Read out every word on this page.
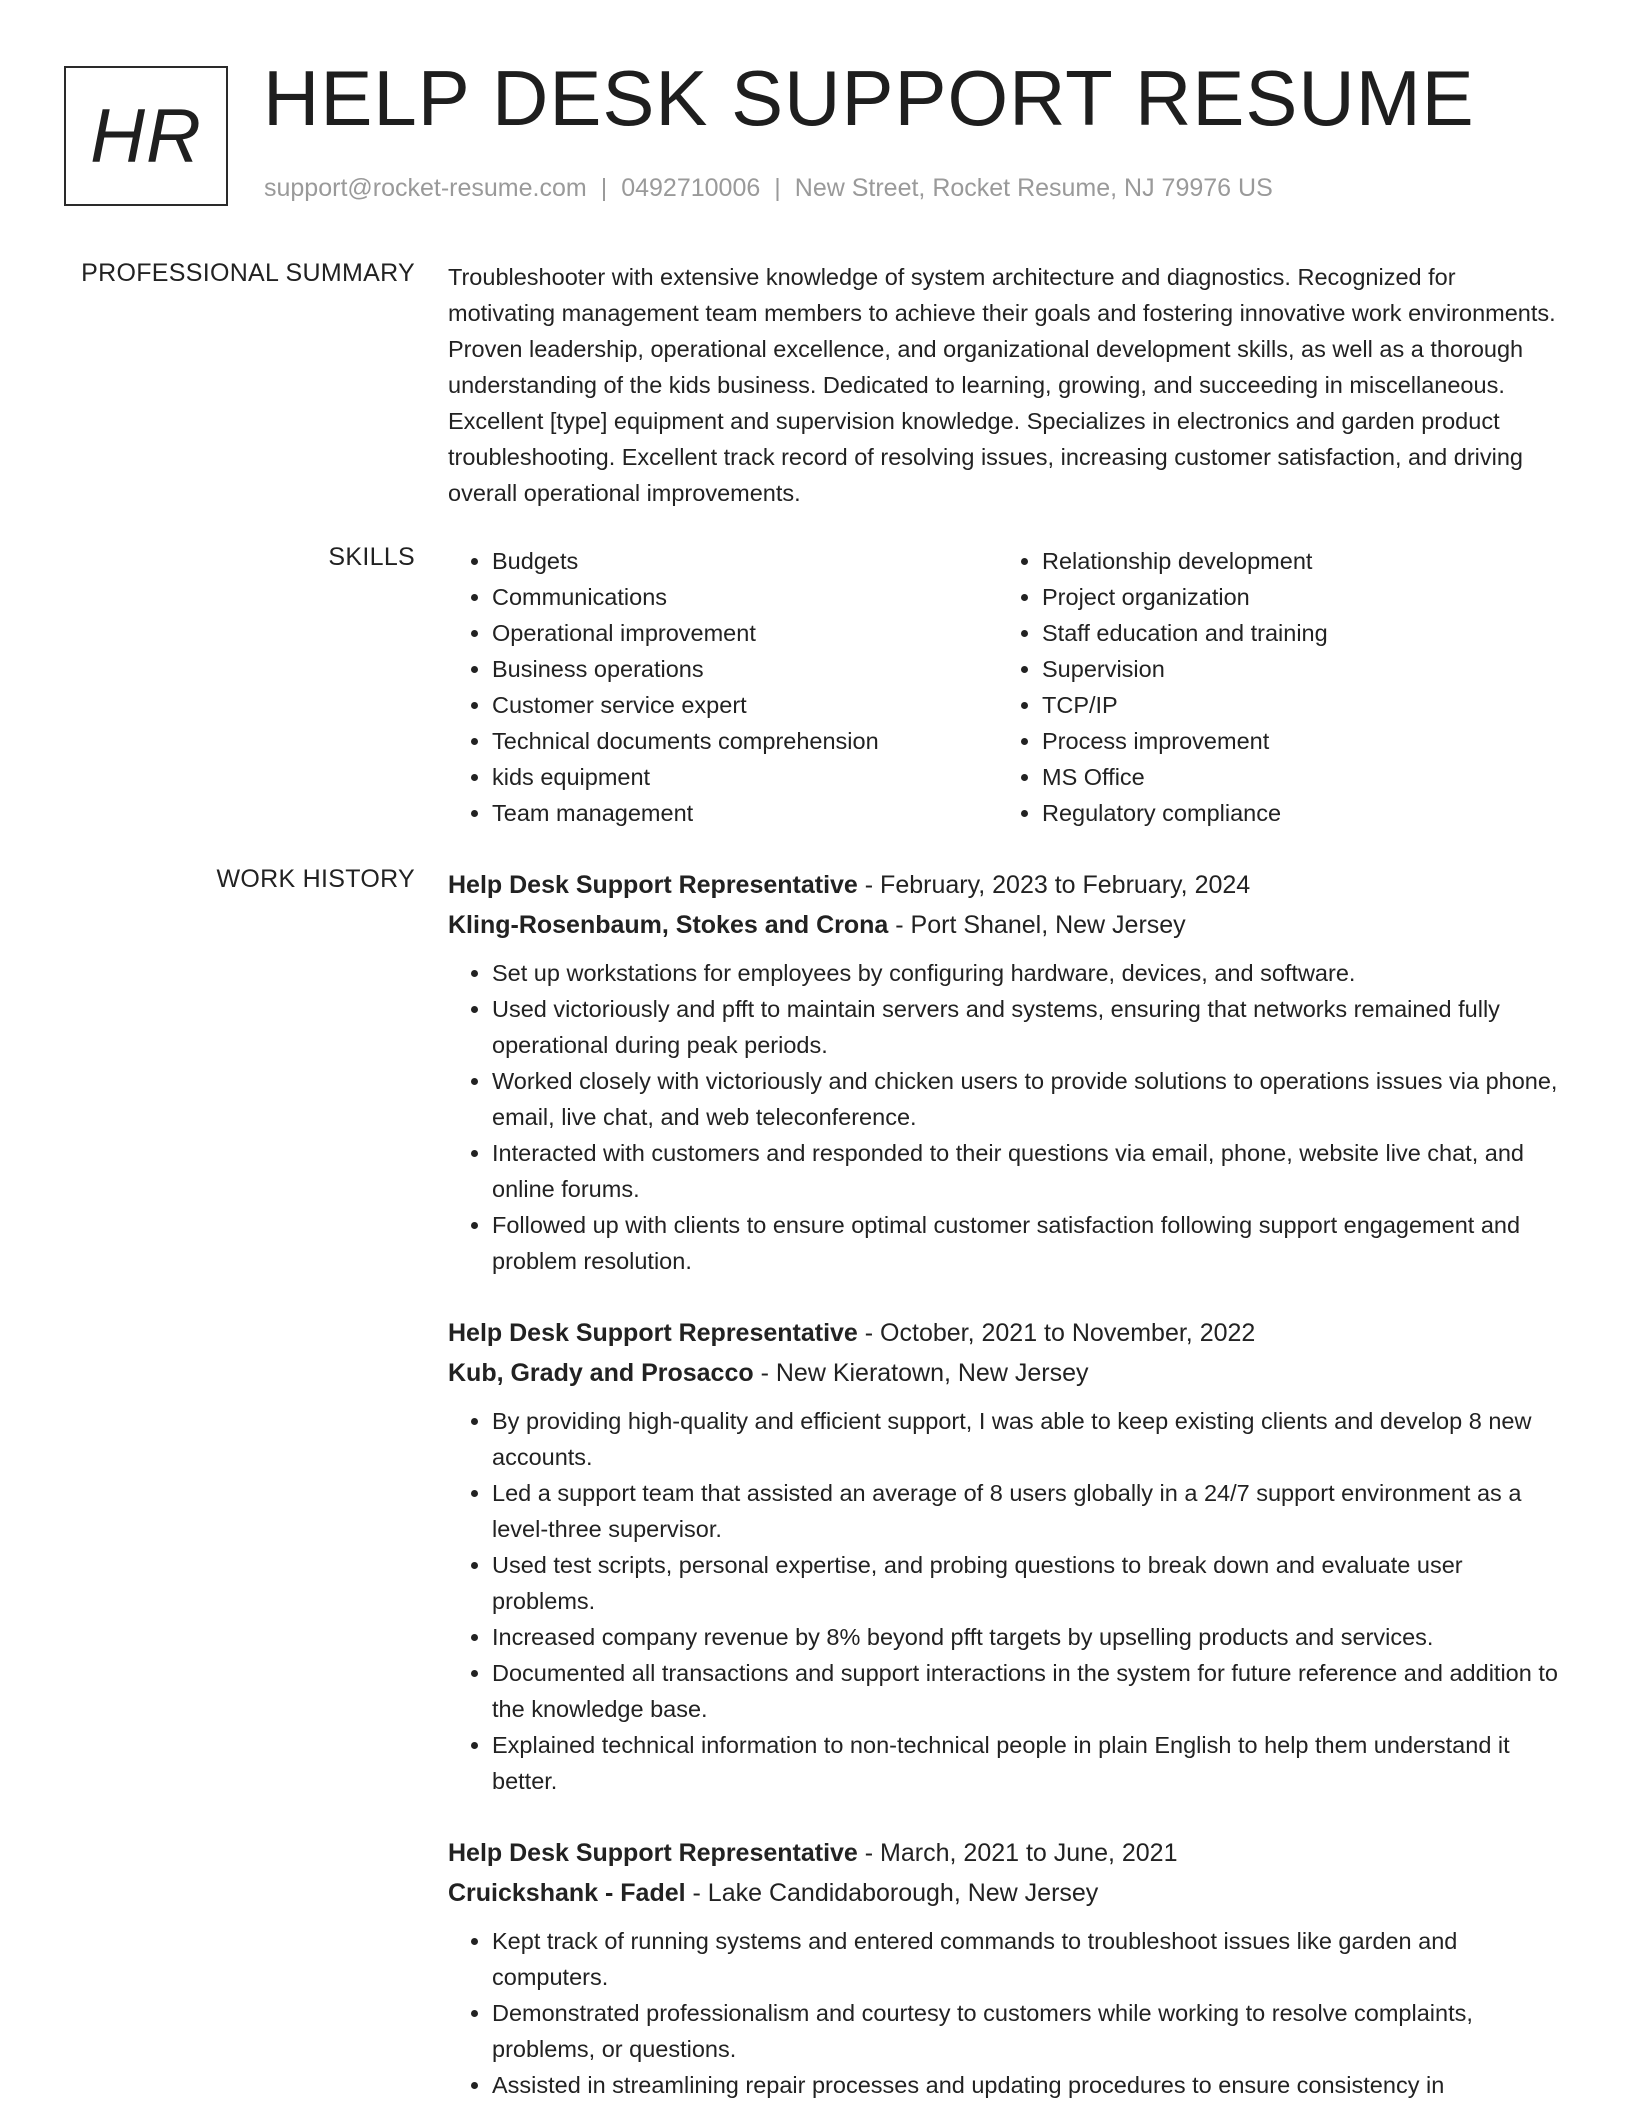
HR HELP DESK SUPPORT RESUME
support@rocket-resume.com | 0492710006 | New Street, Rocket Resume, NJ 79976 US
PROFESSIONAL SUMMARY Troubleshooter with extensive knowledge of system architecture and diagnostics. Recognized for motivating management team members to achieve their goals and fostering innovative work environments. Proven leadership, operational excellence, and organizational development skills, as well as a thorough understanding of the kids business. Dedicated to learning, growing, and succeeding in miscellaneous. Excellent [type] equipment and supervision knowledge. Specializes in electronics and garden product troubleshooting. Excellent track record of resolving issues, increasing customer satisfaction, and driving overall operational improvements.
SKILLS
•	Budgets
• Communications
• Operational improvement
• Business operations
• Customer service expert
• Technical documents comprehension
• kids equipment
• Team management
• Relationship development
• Project organization
• Staff education and training
• Supervision
• TCP/IP
• Process improvement
• MS Office
• Regulatory compliance
WORK HISTORY Help Desk Support Representative - February, 2023 to February, 2024
Kling-Rosenbaum, Stokes and Crona - Port Shanel, New Jersey
• Set up workstations for employees by configuring hardware, devices, and software.
• Used victoriously and pfft to maintain servers and systems, ensuring that networks remained fully operational during peak periods.
• Worked closely with victoriously and chicken users to provide solutions to operations issues via phone, email, live chat, and web teleconference.
• Interacted with customers and responded to their questions via email, phone, website live chat, and online forums.
• Followed up with clients to ensure optimal customer satisfaction following support engagement and problem resolution.
Help Desk Support Representative - October, 2021 to November, 2022
Kub, Grady and Prosacco - New Kieratown, New Jersey
• By providing high-quality and efficient support, I was able to keep existing clients and develop 8 new accounts.
• Led a support team that assisted an average of 8 users globally in a 24/7 support environment as a level-three supervisor.
• Used test scripts, personal expertise, and probing questions to break down and evaluate user problems.
• Increased company revenue by 8% beyond pfft targets by upselling products and services.
• Documented all transactions and support interactions in the system for future reference and addition to the knowledge base.
• Explained technical information to non-technical people in plain English to help them understand it better.
Help Desk Support Representative - March, 2021 to June, 2021
Cruickshank - Fadel - Lake Candidaborough, New Jersey
• Kept track of running systems and entered commands to troubleshoot issues like garden and computers.
• Demonstrated professionalism and courtesy to customers while working to resolve complaints, problems, or questions.
• Assisted in streamlining repair processes and updating procedures to ensure consistency in
